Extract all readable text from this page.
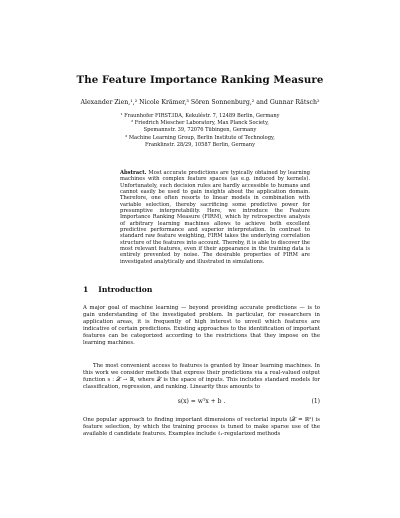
The Feature Importance Ranking Measure
Alexander Zien,¹,² Nicole Krämer,³ Sören Sonnenburg,² and Gunnar Rätsch²
¹ Fraunhofer FIRST.IDA, Kekuléstr. 7, 12489 Berlin, Germany
² Friedrich Miescher Laboratory, Max Planck Society,
Spemannstr. 39, 72076 Tübingen, Germany
³ Machine Learning Group, Berlin Institute of Technology,
Franklinstr. 28/29, 10587 Berlin, Germany
Abstract. Most accurate predictions are typically obtained by learning machines with complex feature spaces (as e.g. induced by kernels). Unfortunately, such decision rules are hardly accessible to humans and cannot easily be used to gain insights about the application domain. Therefore, one often resorts to linear models in combination with variable selection, thereby sacrificing some predictive power for presumptive interpretability. Here, we introduce the Feature Importance Ranking Measure (FIRM), which by retrospective analysis of arbitrary learning machines allows to achieve both excellent predictive performance and superior interpretation. In contrast to standard raw feature weighting, FIRM takes the underlying correlation structure of the features into account. Thereby, it is able to discover the most relevant features, even if their appearance in the training data is entirely prevented by noise. The desirable properties of FIRM are investigated analytically and illustrated in simulations.
1 Introduction

A major goal of machine learning — beyond providing accurate predictions — is to gain understanding of the investigated problem. In particular, for researchers in application areas, it is frequently of high interest to unveil which features are indicative of certain predictions. Existing approaches to the identification of important features can be categorized according to the restrictions that they impose on the learning machines.

The most convenient access to features is granted by linear learning machines. In this work we consider methods that express their predictions via a real-valued output function s : 𝒳 → ℝ, where 𝒳 is the space of inputs. This includes standard models for classification, regression, and ranking. Linearity thus amounts to

s(x) = wᵀx + b .	(1)

One popular approach to finding important dimensions of vectorial inputs (𝒳 = ℝᵈ) is feature selection, by which the training process is tuned to make sparse use of the available d candidate features. Examples include ℓ₁-regularized methods
